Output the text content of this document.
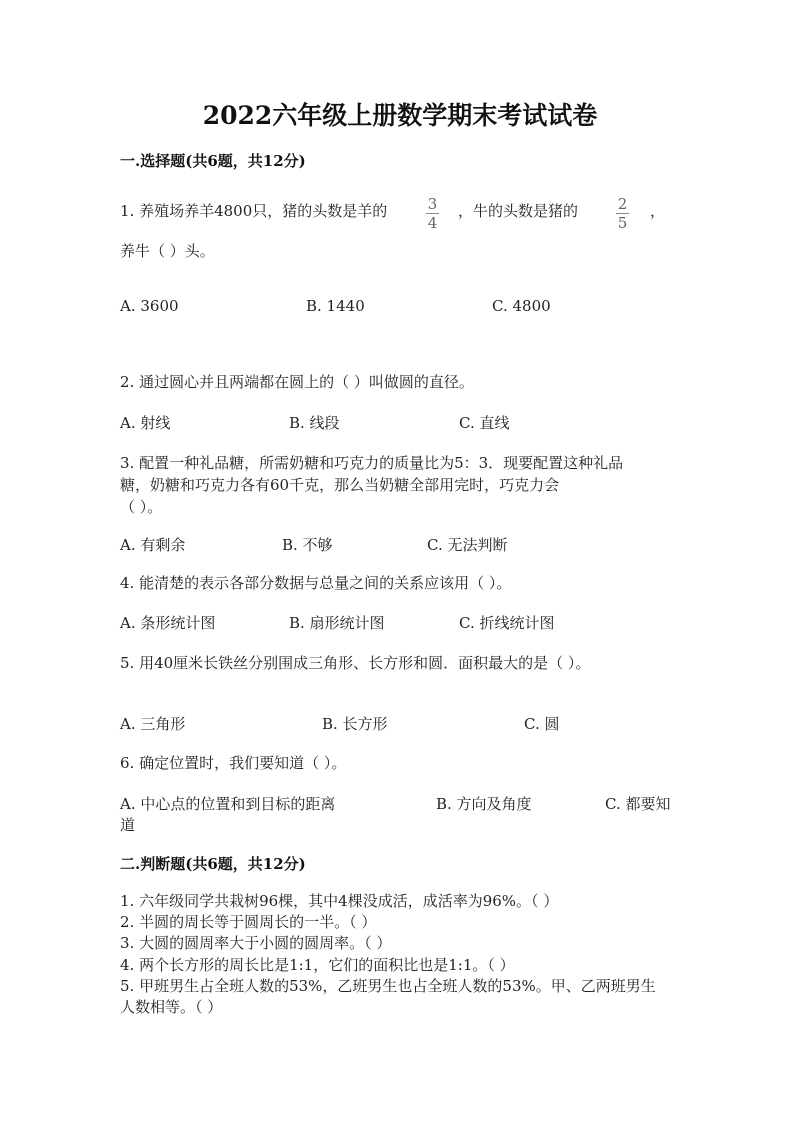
2022六年级上册数学期末考试试卷
一.选择题(共6题，共12分)
1. 养殖场养羊4800只，猪的头数是羊的	3
4
，牛的头数是猪的	2
5
，
养牛（ ）头。
A. 3600	B. 1440	C. 4800
2. 通过圆心并且两端都在圆上的（ ）叫做圆的直径。
A. 射线	B. 线段	C. 直线
3. 配置一种礼品糖，所需奶糖和巧克力的质量比为5：3．现要配置这种礼品
糖，奶糖和巧克力各有60千克，那么当奶糖全部用完时，巧克力会
（ ）。
A. 有剩余	B. 不够	C. 无法判断
4. 能清楚的表示各部分数据与总量之间的关系应该用（ ）。
A. 条形统计图	B. 扇形统计图	C. 折线统计图
5. 用40厘米长铁丝分别围成三角形、长方形和圆．面积最大的是（ ）。
A. 三角形	B. 长方形	C. 圆
6. 确定位置时，我们要知道（ ）。
A. 中心点的位置和到目标的距离	B. 方向及角度	C. 都要知
道
二.判断题(共6题，共12分)
1. 六年级同学共栽树96棵，其中4棵没成活，成活率为96%。（ ）
2. 半圆的周长等于圆周长的一半。（ ）
3. 大圆的圆周率大于小圆的圆周率。（ ）
4. 两个长方形的周长比是1:1，它们的面积比也是1:1。（ ）
5. 甲班男生占全班人数的53%，乙班男生也占全班人数的53%。甲、乙两班男生
人数相等。（ ）
